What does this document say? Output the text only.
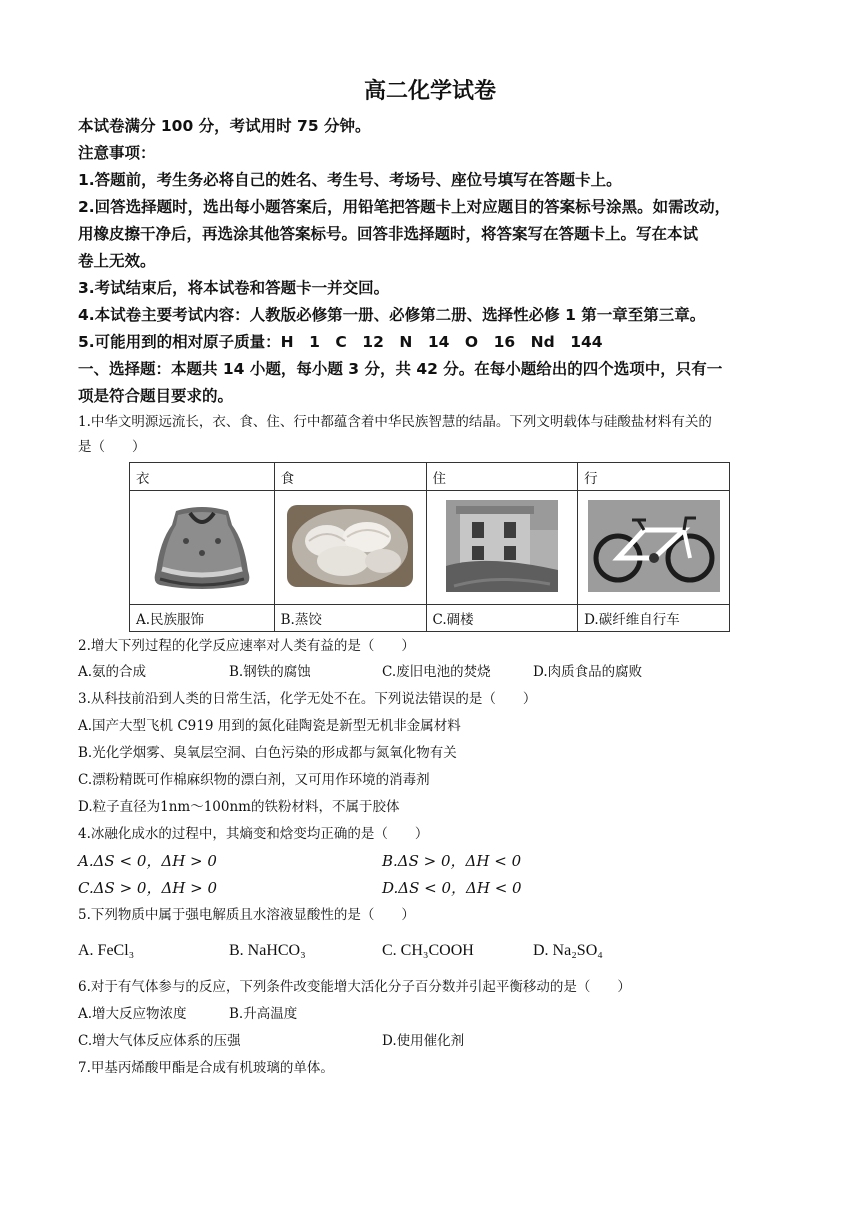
高二化学试卷
本试卷满分 100 分，考试用时 75 分钟。
注意事项：
1.答题前，考生务必将自己的姓名、考生号、考场号、座位号填写在答题卡上。
2.回答选择题时，选出每小题答案后，用铅笔把答题卡上对应题目的答案标号涂黑。如需改动，
用橡皮擦干净后，再选涂其他答案标号。回答非选择题时，将答案写在答题卡上。写在本试
卷上无效。
3.考试结束后，将本试卷和答题卡一并交回。
4.本试卷主要考试内容：人教版必修第一册、必修第二册、选择性必修 1 第一章至第三章。
5.可能用到的相对原子质量：H　1　C　12　N　14　O　16　Nd　144
一、选择题：本题共 14 小题，每小题 3 分，共 42 分。在每小题给出的四个选项中，只有一
项是符合题目要求的。
1.中华文明源远流长，衣、食、住、行中都蕴含着中华民族智慧的结晶。下列文明载体与硅酸盐材料有关的
是（　　）
衣	食	住	行

A.民族服饰	B.蒸饺	C.碉楼	D.碳纤维自行车
2.增大下列过程的化学反应速率对人类有益的是（　　）
A.氨的合成	B.钢铁的腐蚀	C.废旧电池的焚烧	D.肉质食品的腐败
3.从科技前沿到人类的日常生活，化学无处不在。下列说法错误的是（　　）
A.国产大型飞机 C919 用到的氮化硅陶瓷是新型无机非金属材料
B.光化学烟雾、臭氧层空洞、白色污染的形成都与氮氧化物有关
C.漂粉精既可作棉麻织物的漂白剂，又可用作环境的消毒剂
D.粒子直径为1nm～100nm的铁粉材料，不属于胶体
4.冰融化成水的过程中，其熵变和焓变均正确的是（　　）
A.ΔS < 0，ΔH > 0	B.ΔS > 0，ΔH < 0
C.ΔS > 0，ΔH > 0	D.ΔS < 0，ΔH < 0
5.下列物质中属于强电解质且水溶液显酸性的是（　　）
A. FeCl₃	B. NaHCO₃	C. CH₃COOH	D. Na₂SO₄
6.对于有气体参与的反应，下列条件改变能增大活化分子百分数并引起平衡移动的是（　　）
A.增大反应物浓度	B.升高温度
C.增大气体反应体系的压强	D.使用催化剂
7.甲基丙烯酸甲酯是合成有机玻璃的单体。
